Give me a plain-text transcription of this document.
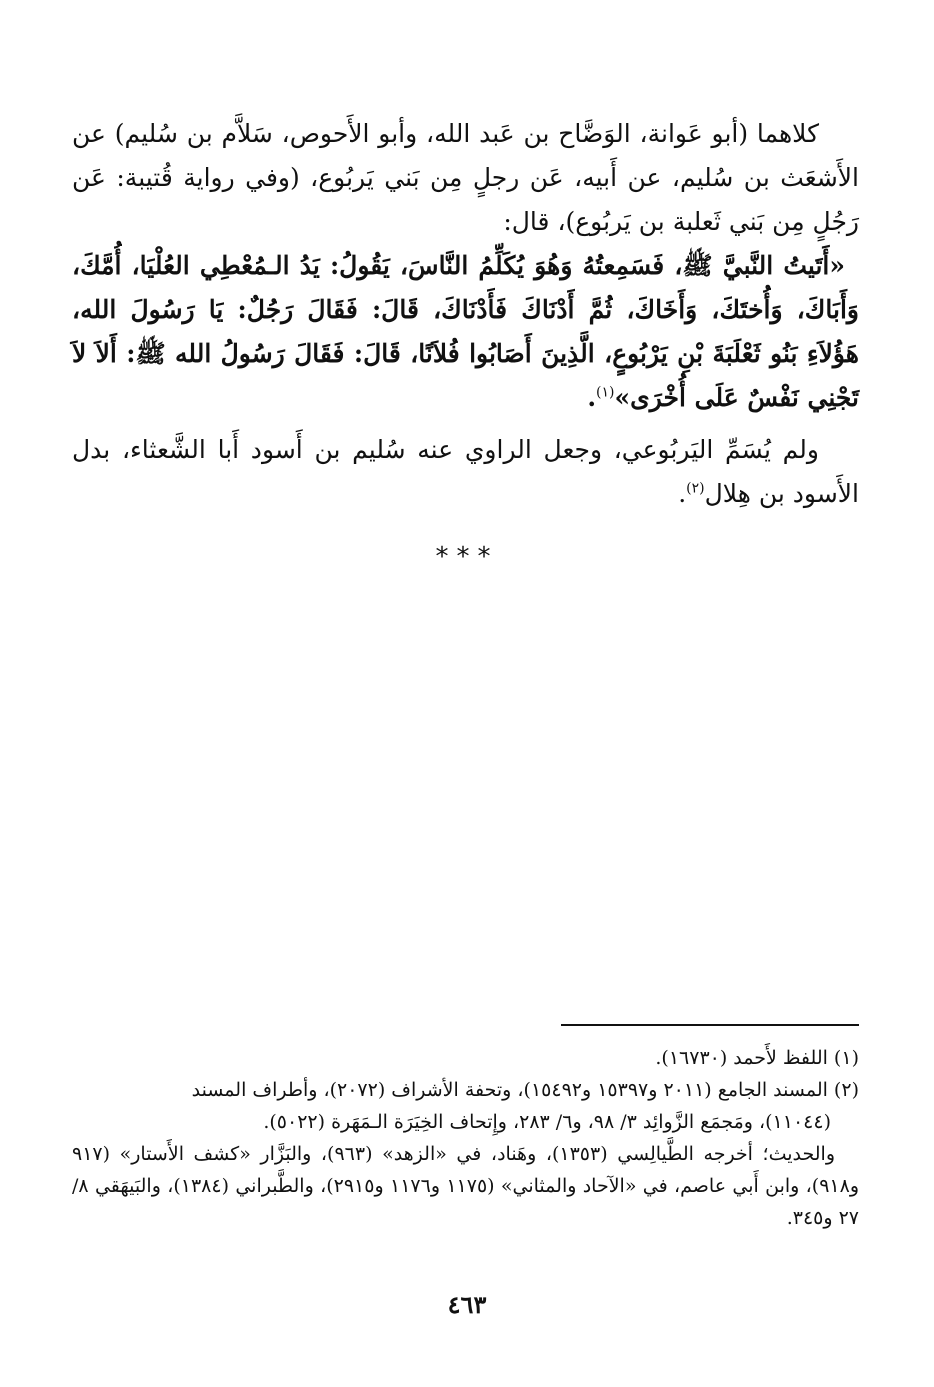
كلاهما (أبو عَوانة، الوَضَّاح بن عَبد الله، وأبو الأَحوص، سَلاَّم بن سُليم) عن الأَشعَث بن سُليم، عن أَبيه، عَن رجلٍ مِن بَني يَربُوع، (وفي رواية قُتيبة: عَن رَجُلٍ مِن بَني ثَعلبة بن يَربُوع)، قال:

«أَتَيتُ النَّبيَّ ﷺ، فَسَمِعتُهُ وَهُوَ يُكَلِّمُ النَّاسَ، يَقُولُ: يَدُ الـمُعْطِي العُلْيَا، أُمَّكَ، وَأَبَاكَ، وَأُختَكَ، وَأَخَاكَ، ثُمَّ أَدْنَاكَ فَأَدْنَاكَ، قَالَ: فَقَالَ رَجُلٌ: يَا رَسُولَ الله، هَؤُلاَءِ بَنُو ثَعْلَبَةَ بْنِ يَرْبُوعٍ، الَّذِينَ أَصَابُوا فُلاَنًا، قَالَ: فَقَالَ رَسُولُ الله ﷺ: أَلاَ لاَ تَجْنِي نَفْسٌ عَلَى أُخْرَى»$^{(١)}$.

ولم يُسَمِّ اليَربُوعي، وجعل الراوي عنه سُليم بن أَسود أَبا الشَّعثاء، بدل الأَسود بن هِلال$^{(٢)}$.

***

(١) اللفظ لأَحمد (١٦٧٣٠).

(٢) المسند الجامع (٢٠١١ و١٥٣٩٧ و١٥٤٩٢)، وتحفة الأشراف (٢٠٧٢)، وأطراف المسند

(١١٠٤٤)، ومَجمَع الزَّوائِد ٣/ ٩٨، و٦/ ٢٨٣، وإِتحاف الخِيَرَة الـمَهَرة (٥٠٢٢).

والحديث؛ أخرجه الطَّيالِسي (١٣٥٣)، وهَناد، في «الزهد» (٩٦٣)، والبَزَّار «كشف الأَستار» (٩١٧ و٩١٨)، وابن أَبي عاصم، في «الآحاد والمثاني» (١١٧٥ و١١٧٦ و٢٩١٥)، والطَّبراني (١٣٨٤)، والبَيهَقي ٨/ ٢٧ و٣٤٥.

٤٦٣
